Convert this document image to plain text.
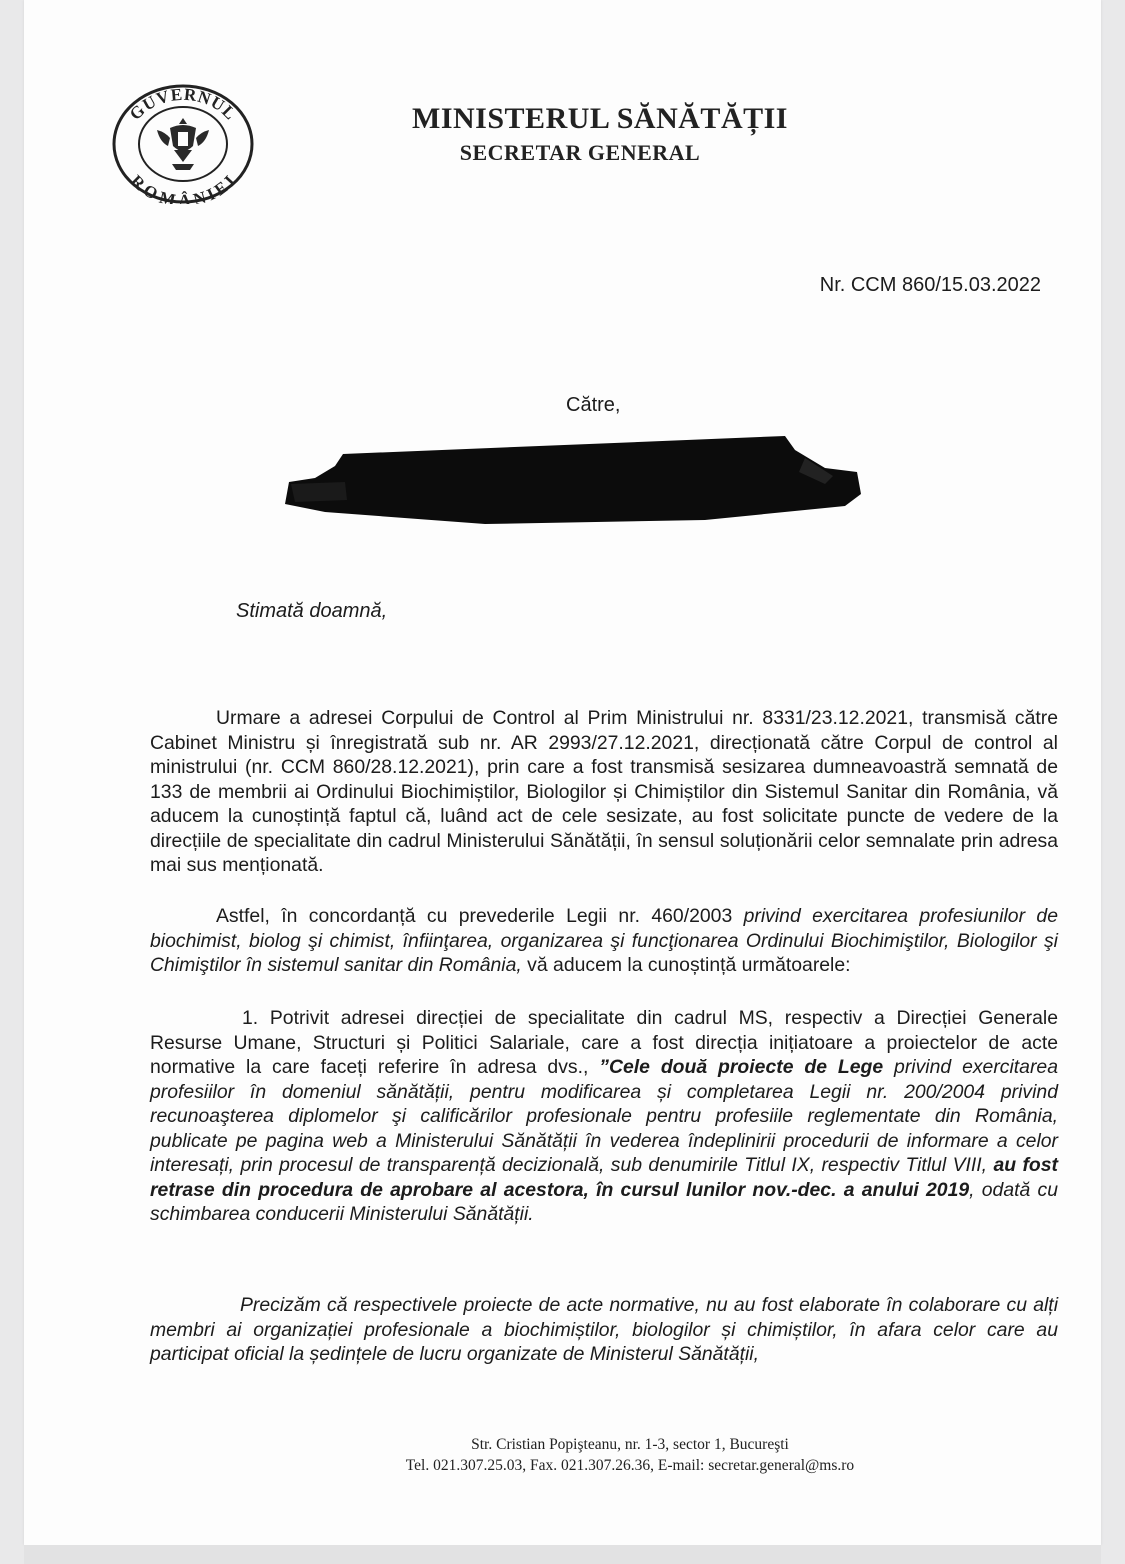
GUVERNUL
ROMÂNIEI
MINISTERUL SĂNĂTĂȚII
SECRETAR GENERAL
Nr. CCM 860/15.03.2022
Către,
Stimată doamnă,

Urmare a adresei Corpului de Control al Prim Ministrului nr. 8331/23.12.2021, transmisă către Cabinet Ministru și înregistrată sub nr. AR 2993/27.12.2021, direcționată către Corpul de control al ministrului (nr. CCM 860/28.12.2021), prin care a fost transmisă sesizarea dumneavoastră semnată de 133 de membrii ai Ordinului Biochimiștilor, Biologilor și Chimiștilor din Sistemul Sanitar din România, vă aducem la cunoștință faptul că, luând act de cele sesizate, au fost solicitate puncte de vedere de la direcțiile de specialitate din cadrul Ministerului Sănătății, în sensul soluționării celor semnalate prin adresa mai sus menționată.

Astfel, în concordanță cu prevederile Legii nr. 460/2003 privind exercitarea profesiunilor de biochimist, biolog şi chimist, înfiinţarea, organizarea şi funcţionarea Ordinului Biochimiştilor, Biologilor şi Chimiştilor în sistemul sanitar din România, vă aducem la cunoștință următoarele:

1. Potrivit adresei direcției de specialitate din cadrul MS, respectiv a Direcției Generale Resurse Umane, Structuri și Politici Salariale, care a fost direcția inițiatoare a proiectelor de acte normative la care faceți referire în adresa dvs., ”Cele două proiecte de Lege privind exercitarea profesiilor în domeniul sănătății, pentru modificarea și completarea Legii nr. 200/2004 privind recunoaşterea diplomelor şi calificărilor profesionale pentru profesiile reglementate din România, publicate pe pagina web a Ministerului Sănătății în vederea îndeplinirii procedurii de informare a celor interesați, prin procesul de transparență decizională, sub denumirile Titlul IX, respectiv Titlul VIII, au fost retrase din procedura de aprobare al acestora, în cursul lunilor nov.-dec. a anului 2019, odată cu schimbarea conducerii Ministerului Sănătății.

Precizăm că respectivele proiecte de acte normative, nu au fost elaborate în colaborare cu alți membri ai organizației profesionale a biochimiștilor, biologilor și chimiștilor, în afara celor care au participat oficial la ședințele de lucru organizate de Ministerul Sănătății,

Str. Cristian Popişteanu, nr. 1-3, sector 1, Bucureşti
Tel. 021.307.25.03, Fax. 021.307.26.36, E-mail: secretar.general@ms.ro
